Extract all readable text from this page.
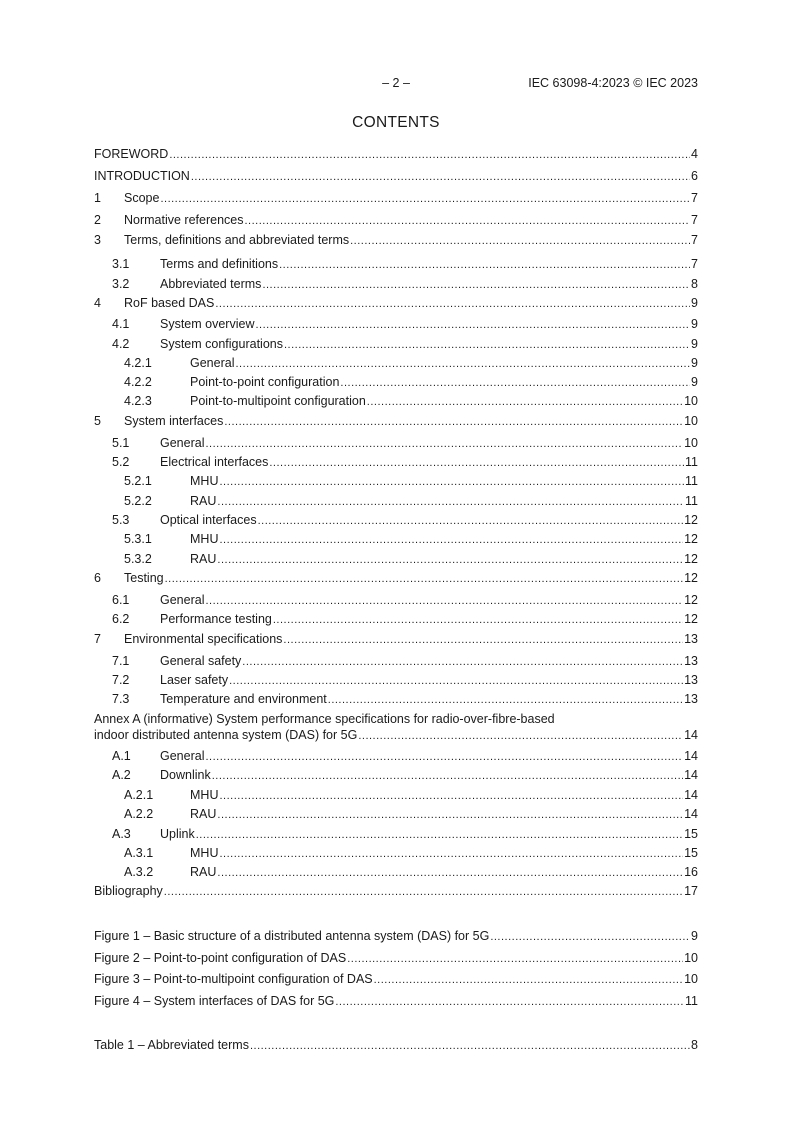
– 2 –	IEC 63098-4:2023 © IEC 2023
CONTENTS
FOREWORD .....	4
INTRODUCTION .....	6
1	Scope .....	7
2	Normative references .....	7
3	Terms, definitions and abbreviated terms .....	7
3.1	Terms and definitions .....	7
3.2	Abbreviated terms .....	8
4	RoF based DAS .....	9
4.1	System overview .....	9
4.2	System configurations .....	9
4.2.1	General .....	9
4.2.2	Point-to-point configuration .....	9
4.2.3	Point-to-multipoint configuration .....	10
5	System interfaces .....	10
5.1	General .....	10
5.2	Electrical interfaces .....	11
5.2.1	MHU .....	11
5.2.2	RAU .....	11
5.3	Optical interfaces .....	12
5.3.1	MHU .....	12
5.3.2	RAU .....	12
6	Testing .....	12
6.1	General .....	12
6.2	Performance testing .....	12
7	Environmental specifications .....	13
7.1	General safety .....	13
7.2	Laser safety .....	13
7.3	Temperature and environment .....	13
Annex A (informative) System performance specifications for radio-over-fibre-based
indoor distributed antenna system (DAS) for 5G .....	14
A.1	General .....	14
A.2	Downlink .....	14
A.2.1	MHU .....	14
A.2.2	RAU .....	14
A.3	Uplink .....	15
A.3.1	MHU .....	15
A.3.2	RAU .....	16
Bibliography .....	17
Figure 1 – Basic structure of a distributed antenna system (DAS) for 5G .....	9
Figure 2 – Point-to-point configuration of DAS .....	10
Figure 3 – Point-to-multipoint configuration of DAS .....	10
Figure 4 – System interfaces of DAS for 5G .....	11
Table 1 – Abbreviated terms .....	8
